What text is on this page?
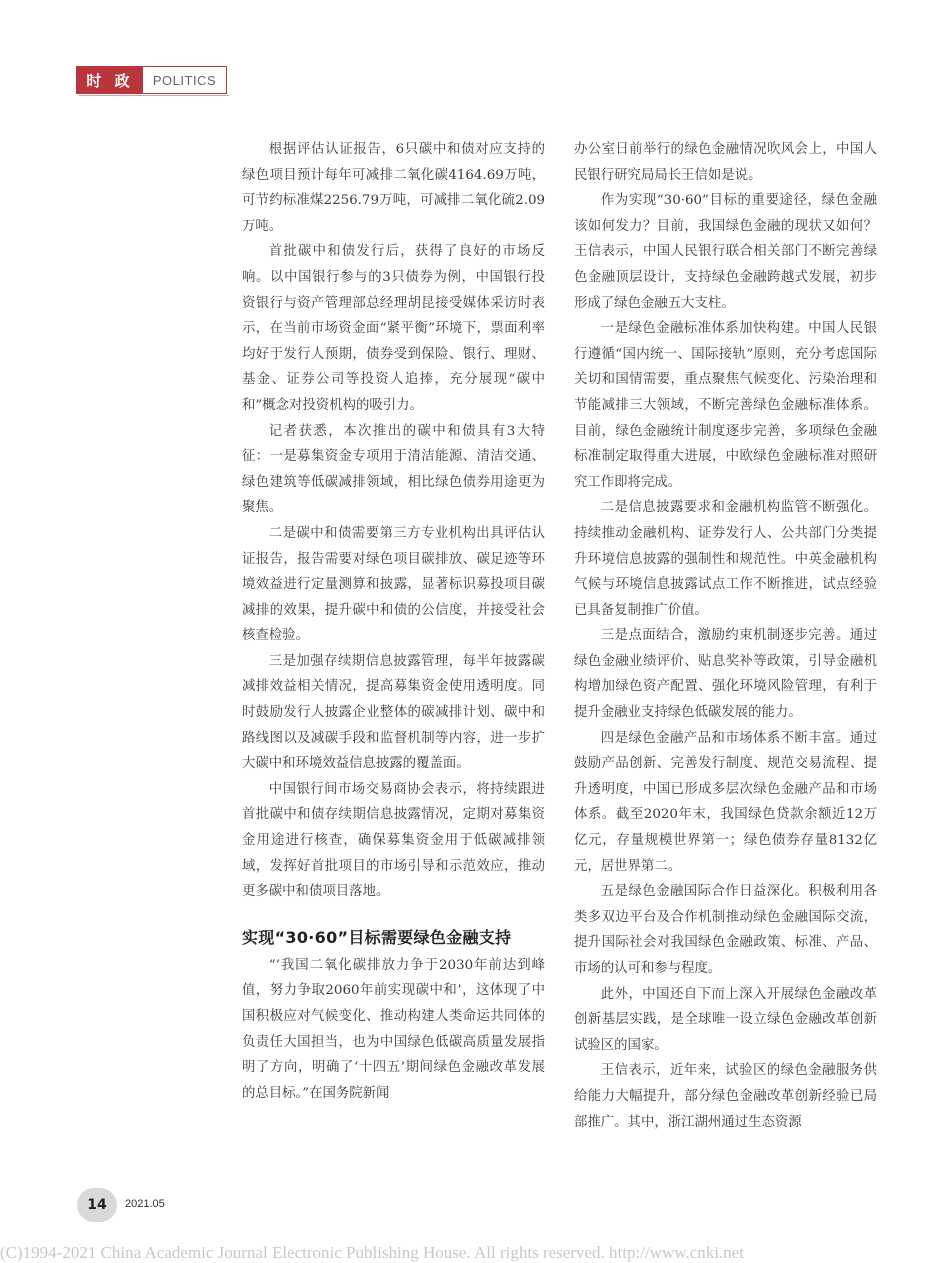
时 政	POLITICS

根据评估认证报告，6只碳中和债对应支持的绿色项目预计每年可减排二氧化碳4164.69万吨，可节约标准煤2256.79万吨，可减排二氧化硫2.09万吨。

首批碳中和债发行后，获得了良好的市场反响。以中国银行参与的3只债券为例，中国银行投资银行与资产管理部总经理胡昆接受媒体采访时表示，在当前市场资金面“紧平衡”环境下，票面利率均好于发行人预期，债券受到保险、银行、理财、基金、证券公司等投资人追捧，充分展现“碳中和”概念对投资机构的吸引力。

记者获悉，本次推出的碳中和债具有3大特征：一是募集资金专项用于清洁能源、清洁交通、绿色建筑等低碳减排领域，相比绿色债券用途更为聚焦。

二是碳中和债需要第三方专业机构出具评估认证报告，报告需要对绿色项目碳排放、碳足迹等环境效益进行定量测算和披露，显著标识募投项目碳减排的效果，提升碳中和债的公信度，并接受社会核查检验。

三是加强存续期信息披露管理，每半年披露碳减排效益相关情况，提高募集资金使用透明度。同时鼓励发行人披露企业整体的碳减排计划、碳中和路线图以及减碳手段和监督机制等内容，进一步扩大碳中和环境效益信息披露的覆盖面。

中国银行间市场交易商协会表示，将持续跟进首批碳中和债存续期信息披露情况，定期对募集资金用途进行核查，确保募集资金用于低碳减排领域，发挥好首批项目的市场引导和示范效应，推动更多碳中和债项目落地。

实现“30·60”目标需要绿色金融支持

“‘我国二氧化碳排放力争于2030年前达到峰值，努力争取2060年前实现碳中和’，这体现了中国积极应对气候变化、推动构建人类命运共同体的负责任大国担当，也为中国绿色低碳高质量发展指明了方向，明确了‘十四五’期间绿色金融改革发展的总目标。”在国务院新闻

办公室日前举行的绿色金融情况吹风会上，中国人民银行研究局局长王信如是说。

作为实现“30·60”目标的重要途径，绿色金融该如何发力？目前，我国绿色金融的现状又如何？王信表示，中国人民银行联合相关部门不断完善绿色金融顶层设计，支持绿色金融跨越式发展，初步形成了绿色金融五大支柱。

一是绿色金融标准体系加快构建。中国人民银行遵循“国内统一、国际接轨”原则，充分考虑国际关切和国情需要，重点聚焦气候变化、污染治理和节能减排三大领域，不断完善绿色金融标准体系。目前，绿色金融统计制度逐步完善，多项绿色金融标准制定取得重大进展，中欧绿色金融标准对照研究工作即将完成。

二是信息披露要求和金融机构监管不断强化。持续推动金融机构、证券发行人、公共部门分类提升环境信息披露的强制性和规范性。中英金融机构气候与环境信息披露试点工作不断推进，试点经验已具备复制推广价值。

三是点面结合，激励约束机制逐步完善。通过绿色金融业绩评价、贴息奖补等政策，引导金融机构增加绿色资产配置、强化环境风险管理，有利于提升金融业支持绿色低碳发展的能力。

四是绿色金融产品和市场体系不断丰富。通过鼓励产品创新、完善发行制度、规范交易流程、提升透明度，中国已形成多层次绿色金融产品和市场体系。截至2020年末，我国绿色贷款余额近12万亿元，存量规模世界第一；绿色债券存量8132亿元，居世界第二。

五是绿色金融国际合作日益深化。积极利用各类多双边平台及合作机制推动绿色金融国际交流，提升国际社会对我国绿色金融政策、标准、产品、市场的认可和参与程度。

此外，中国还自下而上深入开展绿色金融改革创新基层实践，是全球唯一设立绿色金融改革创新试验区的国家。

王信表示，近年来，试验区的绿色金融服务供给能力大幅提升，部分绿色金融改革创新经验已局部推广。其中，浙江湖州通过生态资源

14	2021.05
(C)1994-2021 China Academic Journal Electronic Publishing House. All rights reserved. http://www.cnki.net
